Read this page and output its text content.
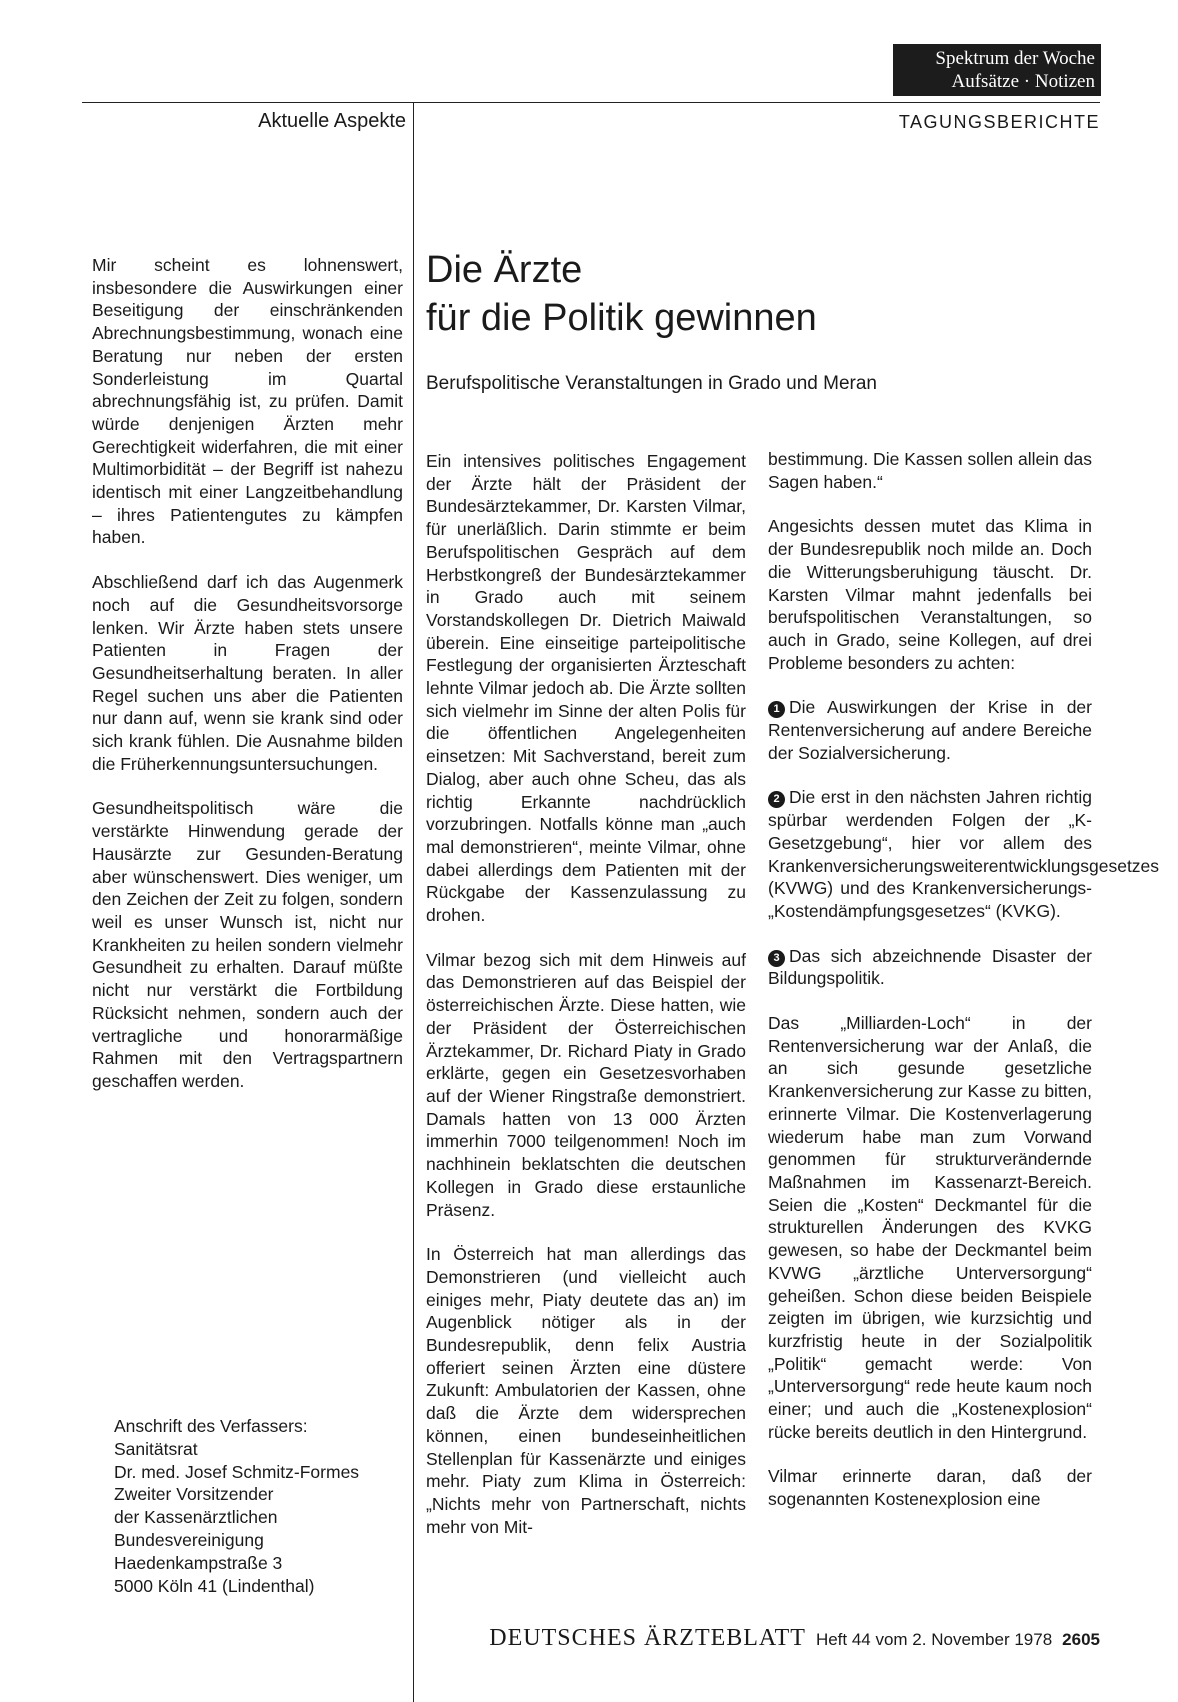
Spektrum der Woche
Aufsätze · Notizen
Aktuelle Aspekte	TAGUNGSBERICHTE
Die Ärzte
für die Politik gewinnen
Berufspolitische Veranstaltungen in Grado und Meran

Mir scheint es lohnenswert, insbesondere die Auswirkungen einer Beseitigung der einschränkenden Abrechnungsbestimmung, wonach eine Beratung nur neben der ersten Sonderleistung im Quartal abrechnungsfähig ist, zu prüfen. Damit würde denjenigen Ärzten mehr Gerechtigkeit widerfahren, die mit einer Multimorbidität – der Begriff ist nahezu identisch mit einer Langzeitbehandlung – ihres Patientengutes zu kämpfen haben.

Abschließend darf ich das Augenmerk noch auf die Gesundheitsvorsorge lenken. Wir Ärzte haben stets unsere Patienten in Fragen der Gesundheitserhaltung beraten. In aller Regel suchen uns aber die Patienten nur dann auf, wenn sie krank sind oder sich krank fühlen. Die Ausnahme bilden die Früherkennungsuntersuchungen.

Gesundheitspolitisch wäre die verstärkte Hinwendung gerade der Hausärzte zur Gesunden-Beratung aber wünschenswert. Dies weniger, um den Zeichen der Zeit zu folgen, sondern weil es unser Wunsch ist, nicht nur Krankheiten zu heilen sondern vielmehr Gesundheit zu erhalten. Darauf müßte nicht nur verstärkt die Fortbildung Rücksicht nehmen, sondern auch der vertragliche und honorarmäßige Rahmen mit den Vertragspartnern geschaffen werden.

Anschrift des Verfassers:
Sanitätsrat
Dr. med. Josef Schmitz-Formes
Zweiter Vorsitzender
der Kassenärztlichen
Bundesvereinigung
Haedenkampstraße 3
5000 Köln 41 (Lindenthal)

Ein intensives politisches Engagement der Ärzte hält der Präsident der Bundesärztekammer, Dr. Karsten Vilmar, für unerläßlich. Darin stimmte er beim Berufspolitischen Gespräch auf dem Herbstkongreß der Bundesärztekammer in Grado auch mit seinem Vorstandskollegen Dr. Dietrich Maiwald überein. Eine einseitige parteipolitische Festlegung der organisierten Ärzteschaft lehnte Vilmar jedoch ab. Die Ärzte sollten sich vielmehr im Sinne der alten Polis für die öffentlichen Angelegenheiten einsetzen: Mit Sachverstand, bereit zum Dialog, aber auch ohne Scheu, das als richtig Erkannte nachdrücklich vorzubringen. Notfalls könne man „auch mal demonstrieren“, meinte Vilmar, ohne dabei allerdings dem Patienten mit der Rückgabe der Kassenzulassung zu drohen.

Vilmar bezog sich mit dem Hinweis auf das Demonstrieren auf das Beispiel der österreichischen Ärzte. Diese hatten, wie der Präsident der Österreichischen Ärztekammer, Dr. Richard Piaty in Grado erklärte, gegen ein Gesetzesvorhaben auf der Wiener Ringstraße demonstriert. Damals hatten von 13 000 Ärzten immerhin 7000 teilgenommen! Noch im nachhinein beklatschten die deutschen Kollegen in Grado diese erstaunliche Präsenz.

In Österreich hat man allerdings das Demonstrieren (und vielleicht auch einiges mehr, Piaty deutete das an) im Augenblick nötiger als in der Bundesrepublik, denn felix Austria offeriert seinen Ärzten eine düstere Zukunft: Ambulatorien der Kassen, ohne daß die Ärzte dem widersprechen können, einen bundeseinheitlichen Stellenplan für Kassenärzte und einiges mehr. Piaty zum Klima in Österreich: „Nichts mehr von Partnerschaft, nichts mehr von Mit-

bestimmung. Die Kassen sollen allein das Sagen haben.“

Angesichts dessen mutet das Klima in der Bundesrepublik noch milde an. Doch die Witterungsberuhigung täuscht. Dr. Karsten Vilmar mahnt jedenfalls bei berufspolitischen Veranstaltungen, so auch in Grado, seine Kollegen, auf drei Probleme besonders zu achten:

1 Die Auswirkungen der Krise in der Rentenversicherung auf andere Bereiche der Sozialversicherung.

2 Die erst in den nächsten Jahren richtig spürbar werdenden Folgen der „K-Gesetzgebung“, hier vor allem des Krankenversicherungsweiterentwicklungsgesetzes (KVWG) und des Krankenversicherungs-„Kostendämpfungsgesetzes“ (KVKG).

3 Das sich abzeichnende Disaster der Bildungspolitik.

Das „Milliarden-Loch“ in der Rentenversicherung war der Anlaß, die an sich gesunde gesetzliche Krankenversicherung zur Kasse zu bitten, erinnerte Vilmar. Die Kostenverlagerung wiederum habe man zum Vorwand genommen für strukturverändernde Maßnahmen im Kassenarzt-Bereich. Seien die „Kosten“ Deckmantel für die strukturellen Änderungen des KVKG gewesen, so habe der Deckmantel beim KVWG „ärztliche Unterversorgung“ geheißen. Schon diese beiden Beispiele zeigten im übrigen, wie kurzsichtig und kurzfristig heute in der Sozialpolitik „Politik“ gemacht werde: Von „Unterversorgung“ rede heute kaum noch einer; und auch die „Kostenexplosion“ rücke bereits deutlich in den Hintergrund.

Vilmar erinnerte daran, daß der sogenannten Kostenexplosion eine

DEUTSCHES ÄRZTEBLATT Heft 44 vom 2. November 1978 2605
